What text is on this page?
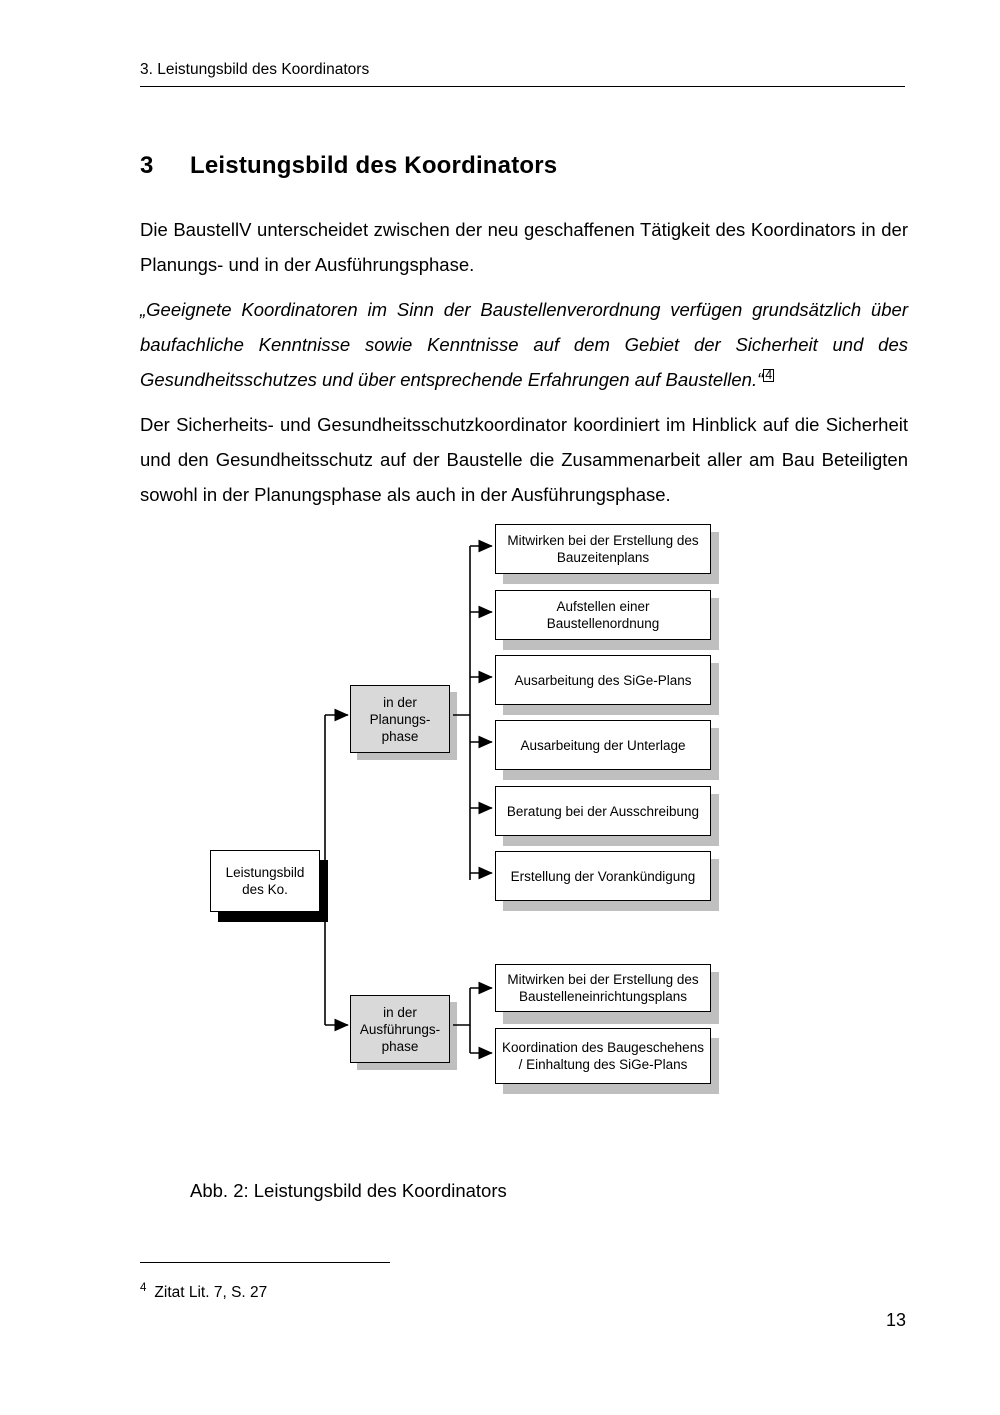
3. Leistungsbild des Koordinators
3 Leistungsbild des Koordinators
Die BaustellV unterscheidet zwischen der neu geschaffenen Tätigkeit des Koordinators in der Planungs- und in der Ausführungsphase.
„Geeignete Koordinatoren im Sinn der Baustellenverordnung verfügen grundsätzlich über baufachliche Kenntnisse sowie Kenntnisse auf dem Gebiet der Sicherheit und des Gesundheitsschutzes und über entsprechende Erfahrungen auf Baustellen.“ 4
Der Sicherheits- und Gesundheitsschutzkoordinator koordiniert im Hinblick auf die Sicherheit und den Gesundheitsschutz auf der Baustelle die Zusammenarbeit aller am Bau Beteiligten sowohl in der Planungsphase als auch in der Ausführungsphase.
Leistungsbild des Ko.
in der Planungs- phase
in der Ausführungs- phase
Mitwirken bei der Erstellung des Bauzeitenplans
Aufstellen einer Baustellenordnung
Ausarbeitung des SiGe-Plans
Ausarbeitung der Unterlage
Beratung bei der Ausschreibung
Erstellung der Vorankündigung
Mitwirken bei der Erstellung des Baustelleneinrichtungsplans
Koordination des Baugeschehens / Einhaltung des SiGe-Plans
Abb. 2: Leistungsbild des Koordinators
$^4$ Zitat Lit. 7, S. 27
13
